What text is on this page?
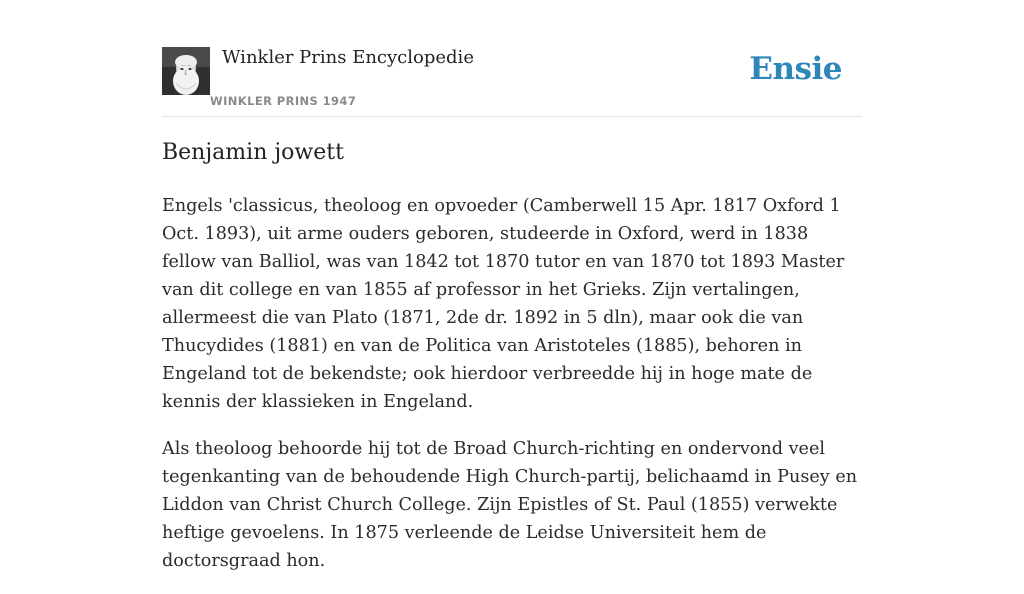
Winkler Prins Encyclopedie
WINKLER PRINS 1947
Ensie
Benjamin jowett

Engels 'classicus, theoloog en opvoeder (Camberwell 15 Apr. 1817 Oxford 1 Oct. 1893), uit arme ouders geboren, studeerde in Oxford, werd in 1838 fellow van Balliol, was van 1842 tot 1870 tutor en van 1870 tot 1893 Master van dit college en van 1855 af professor in het Grieks. Zijn vertalingen, allermeest die van Plato (1871, 2de dr. 1892 in 5 dln), maar ook die van Thucydides (1881) en van de Politica van Aristoteles (1885), behoren in Engeland tot de bekendste; ook hierdoor verbreedde hij in hoge mate de kennis der klassieken in Engeland.

Als theoloog behoorde hij tot de Broad Church-richting en ondervond veel tegenkanting van de behoudende High Church-partij, belichaamd in Pusey en Liddon van Christ Church College. Zijn Epistles of St. Paul (1855) verwekte heftige gevoelens. In 1875 verleende de Leidse Universiteit hem de doctorsgraad hon.
